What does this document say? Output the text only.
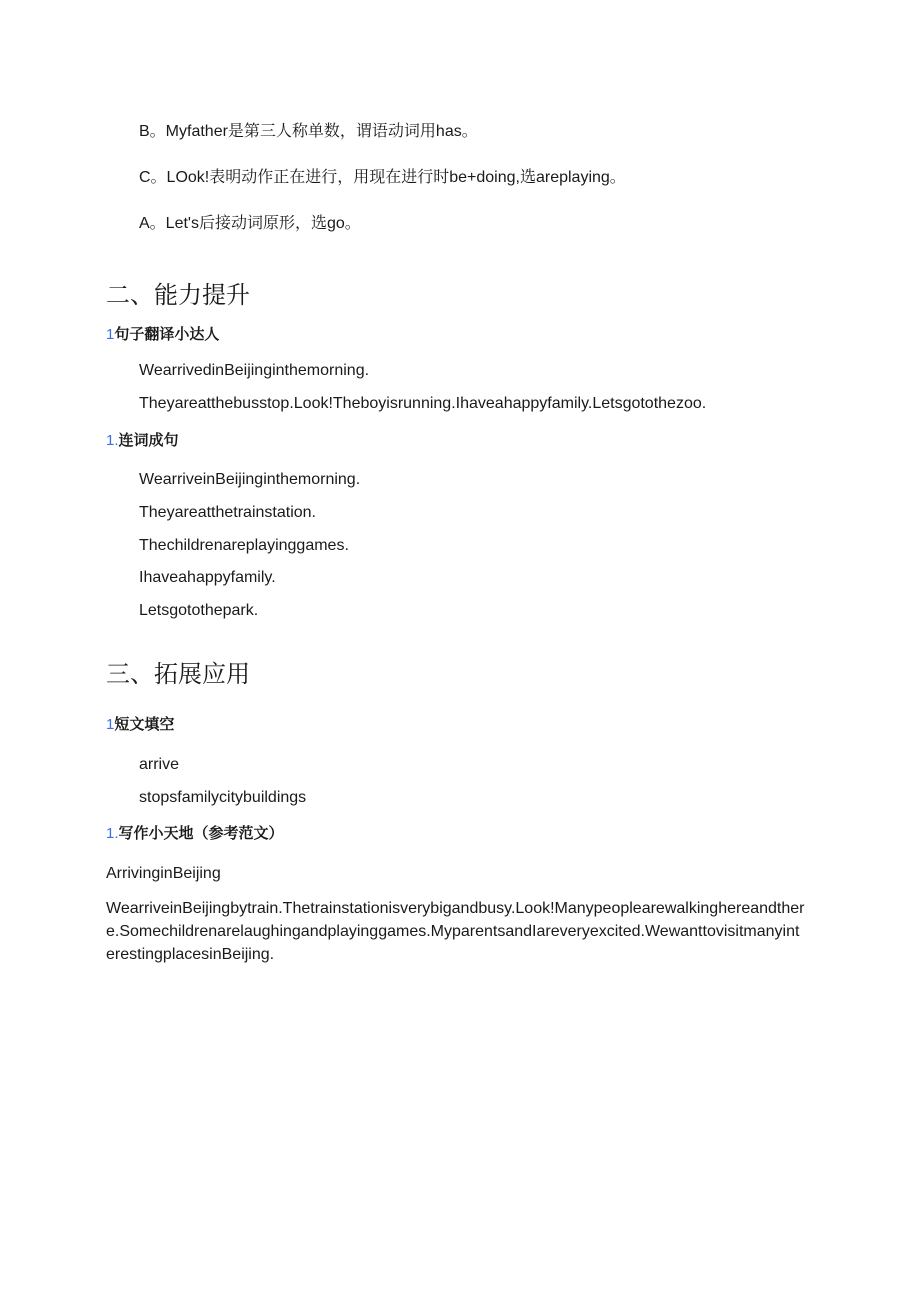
B。Myfather是第三人称单数，谓语动词用has。
C。LOok!表明动作正在进行，用现在进行时be+doing,选areplaying。
A。Let's后接动词原形，选go。
二、能力提升
1句子翻译小达人
WearrivedinBeijinginthemorning.
Theyareatthebusstop.Look!Theboyisrunning.Ihaveahappyfamily.Letsgotothezoo.
1.连词成句
WearriveinBeijinginthemorning.
Theyareatthetrainstation.
Thechildrenareplayinggames.
Ihaveahappyfamily.
Letsgotothepark.
三、拓展应用
1短文填空
arrive
stopsfamilycitybuildings
1.写作小天地（参考范文）
ArrivinginBeijing
WearriveinBeijingbytrain.Thetrainstationisverybigandbusy.Look!Manypeoplearewalkinghereandthere.Somechildrenarelaughingandplayinggames.MyparentsandIareveryexcited.WewanttovisitmanyinterestingplacesinBeijing.
